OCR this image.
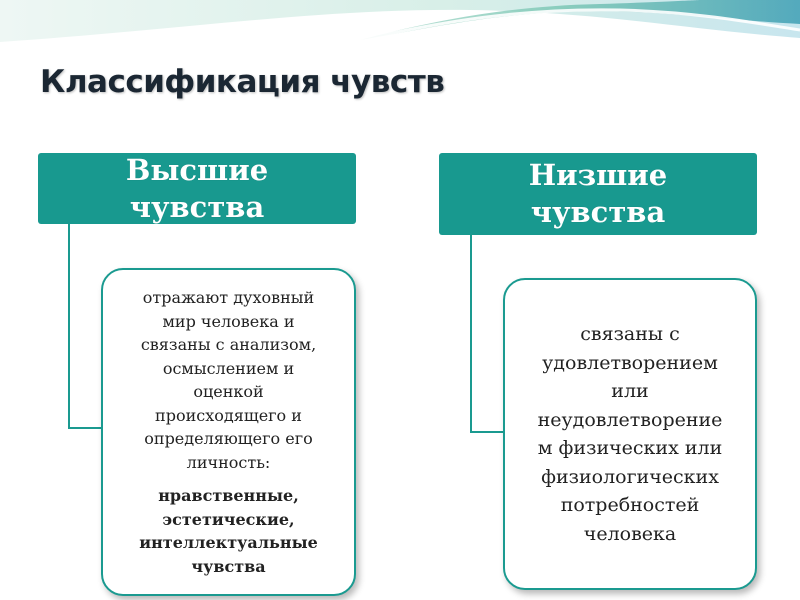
Классификация чувств
Высшие
чувства
Низшие
чувства
отражают духовный
мир человека и
связаны с анализом,
осмыслением и
оценкой
происходящего и
определяющего его
личность:
нравственные,
эстетические,
интеллектуальные
чувства
связаны с
удовлетворением
или
неудовлетворение
м физических или
физиологических
потребностей
человека
